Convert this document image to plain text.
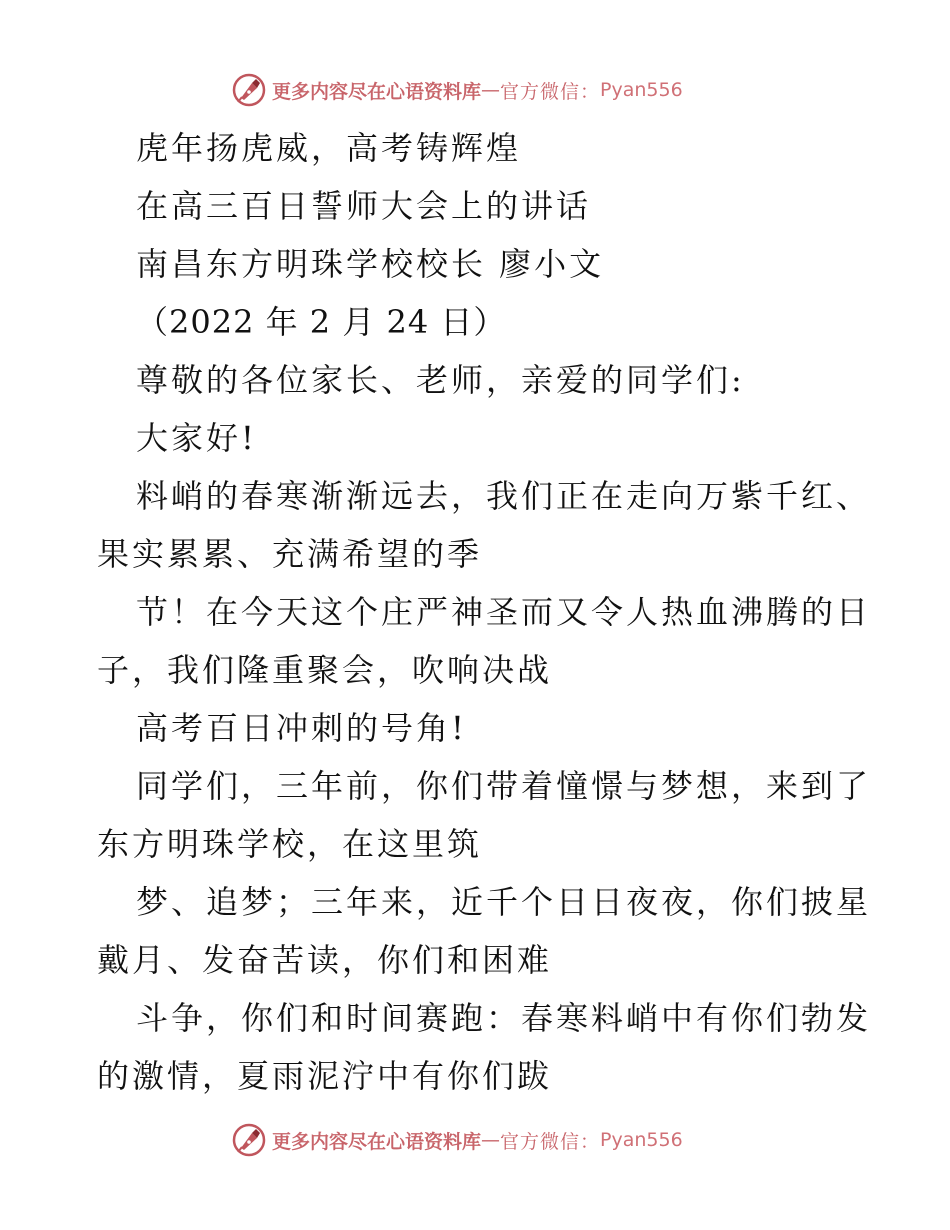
更多内容尽在心语资料库 — 官方微信： Pyan556
虎年扬虎威，高考铸辉煌
在高三百日誓师大会上的讲话
南昌东方明珠学校校长 廖小文
（2022 年 2 月 24 日）
尊敬的各位家长、老师，亲爱的同学们:
大家好!
料峭的春寒渐渐远去，我们正在走向万紫千红、
果实累累、充满希望的季
节！在今天这个庄严神圣而又令人热血沸腾的日
子，我们隆重聚会，吹响决战
高考百日冲刺的号角!
同学们，三年前，你们带着憧憬与梦想，来到了
东方明珠学校，在这里筑
梦、追梦；三年来，近千个日日夜夜，你们披星
戴月、发奋苦读，你们和困难
斗争，你们和时间赛跑：春寒料峭中有你们勃发
的激情，夏雨泥泞中有你们跋
更多内容尽在心语资料库 — 官方微信： Pyan556
